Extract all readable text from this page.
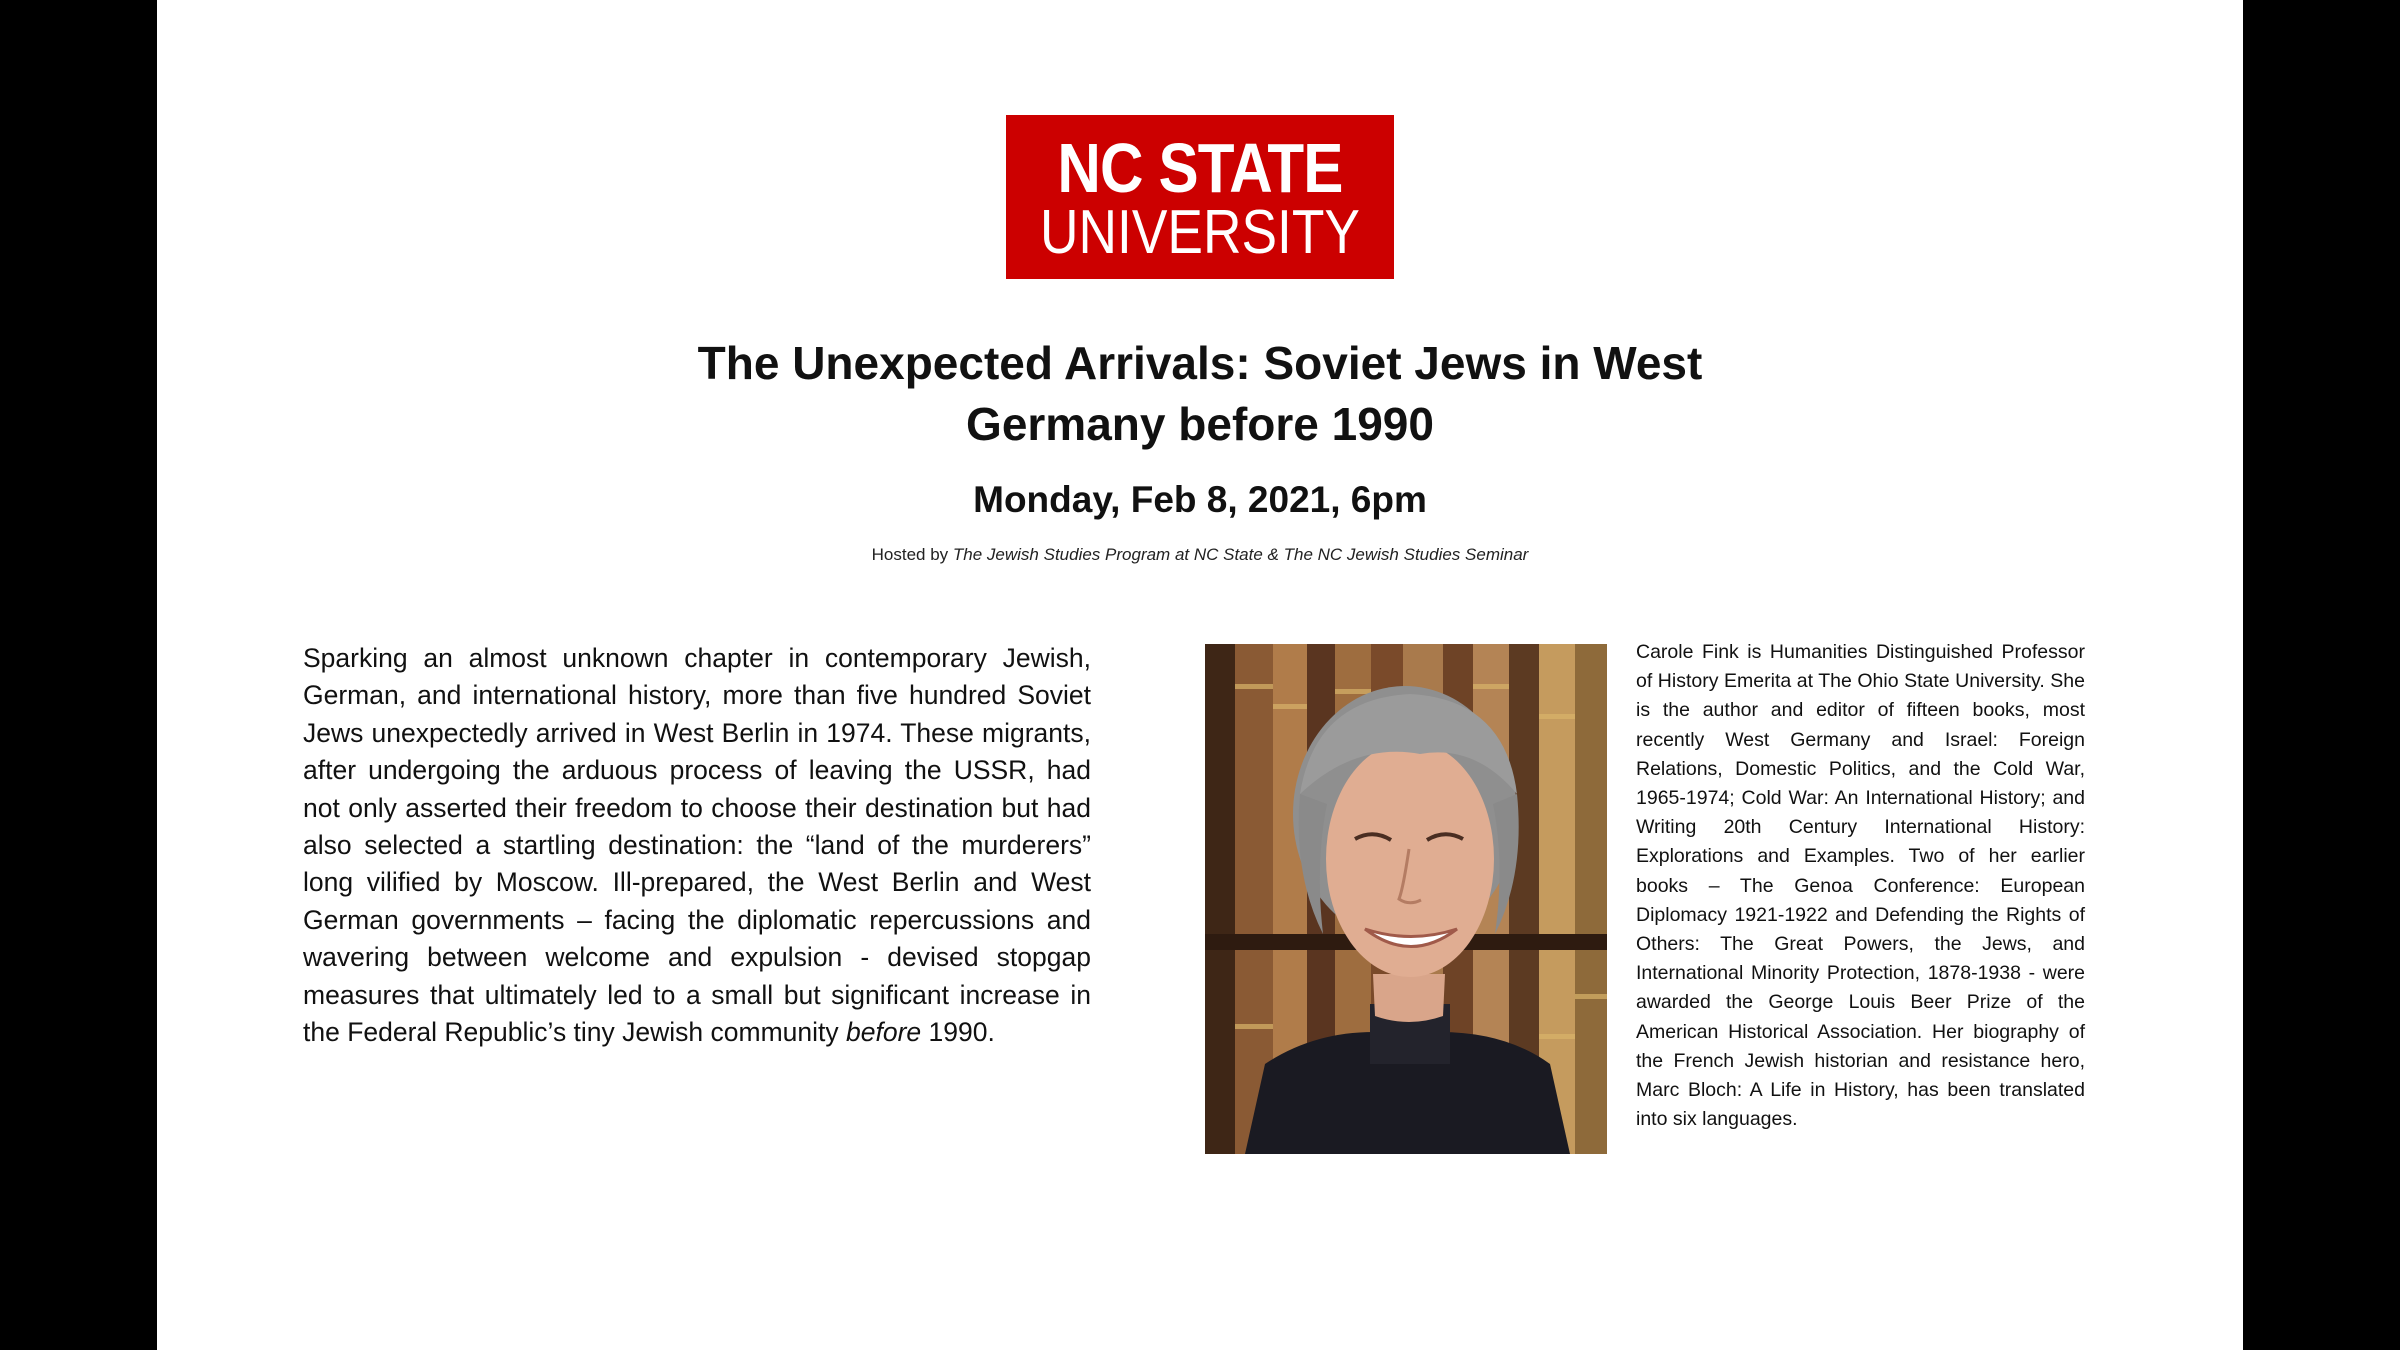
NC STATE
UNIVERSITY
The Unexpected Arrivals: Soviet Jews in West Germany before 1990
Monday, Feb 8, 2021, 6pm
Hosted by The Jewish Studies Program at NC State & The NC Jewish Studies Seminar

Sparking an almost unknown chapter in contemporary Jewish, German, and international history, more than five hundred Soviet Jews unexpectedly arrived in West Berlin in 1974. These migrants, after undergoing the arduous process of leaving the USSR, had not only asserted their freedom to choose their destination but had also selected a startling destination: the “land of the murderers” long vilified by Moscow. Ill-prepared, the West Berlin and West German governments – facing the diplomatic repercussions and wavering between welcome and expulsion - devised stopgap measures that ultimately led to a small but significant increase in the Federal Republic’s tiny Jewish community before 1990.

Carole Fink is Humanities Distinguished Professor of History Emerita at The Ohio State University. She is the author and editor of fifteen books, most recently West Germany and Israel: Foreign Relations, Domestic Politics, and the Cold War, 1965-1974; Cold War: An International History; and Writing 20th Century International History: Explorations and Examples. Two of her earlier books – The Genoa Conference: European Diplomacy 1921-1922 and Defending the Rights of Others: The Great Powers, the Jews, and International Minority Protection, 1878-1938 - were awarded the George Louis Beer Prize of the American Historical Association. Her biography of the French Jewish historian and resistance hero, Marc Bloch: A Life in History, has been translated into six languages.
